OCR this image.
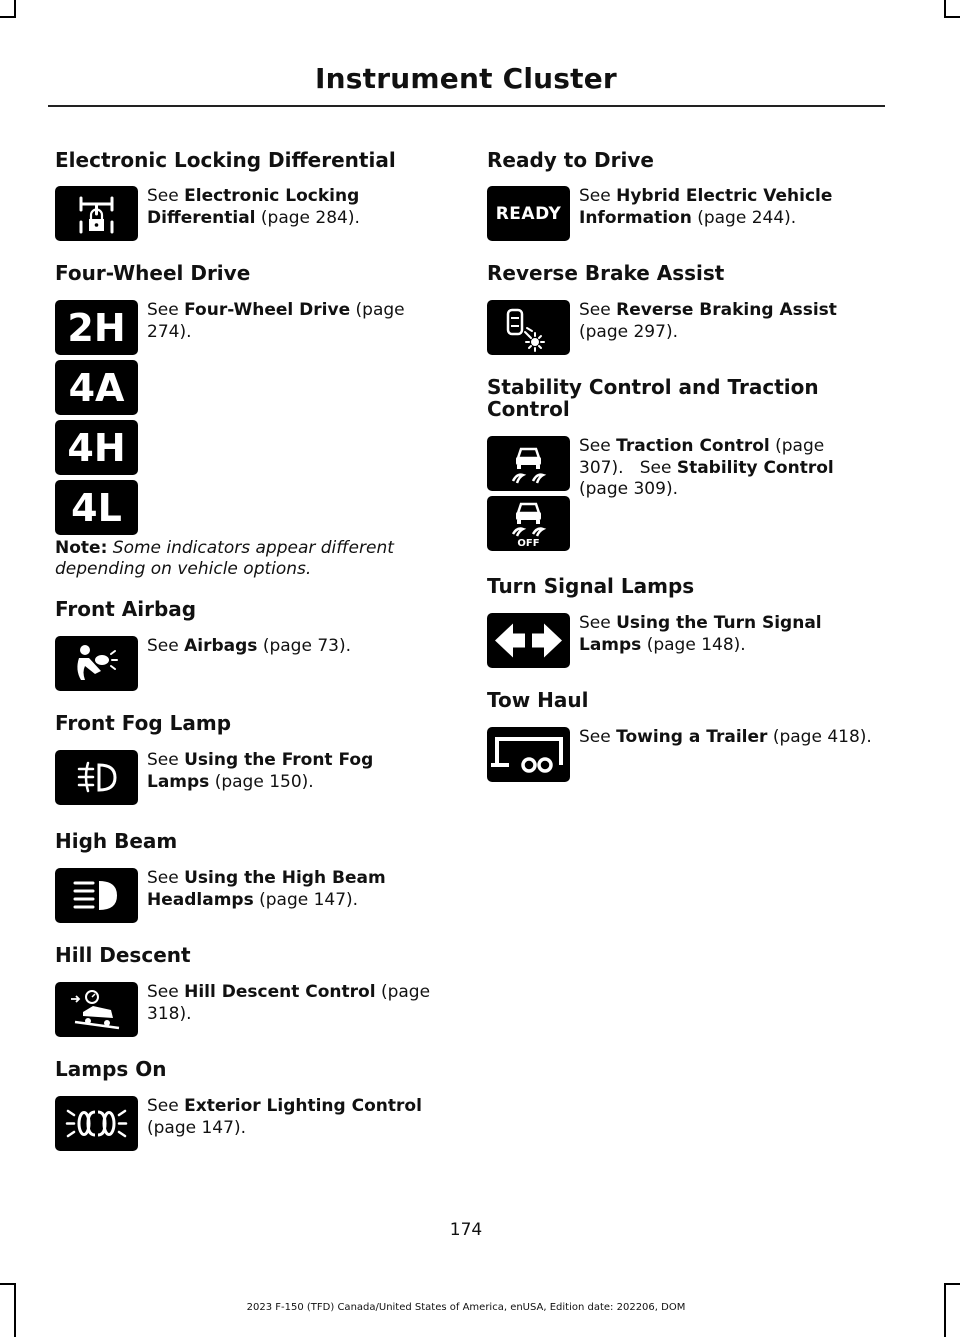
Instrument Cluster
Electronic Locking Differential
See Electronic Locking Differential (page 284).
Four-Wheel Drive
2H
4A
4H
4L
See Four-Wheel Drive (page 274).
Note: Some indicators appear different depending on vehicle options.
Front Airbag
See Airbags (page 73).
Front Fog Lamp
See Using the Front Fog Lamps (page 150).
High Beam
See Using the High Beam Headlamps (page 147).
Hill Descent
See Hill Descent Control (page 318).
Lamps On
See Exterior Lighting Control (page 147).
Ready to Drive
READY
See Hybrid Electric Vehicle Information (page 244).
Reverse Brake Assist
See Reverse Braking Assist (page 297).
Stability Control and Traction Control
OFF
See Traction Control (page 307). See Stability Control (page 309).
Turn Signal Lamps
See Using the Turn Signal Lamps (page 148).
Tow Haul
See Towing a Trailer (page 418).
174
2023 F-150 (TFD) Canada/United States of America, enUSA, Edition date: 202206, DOM
